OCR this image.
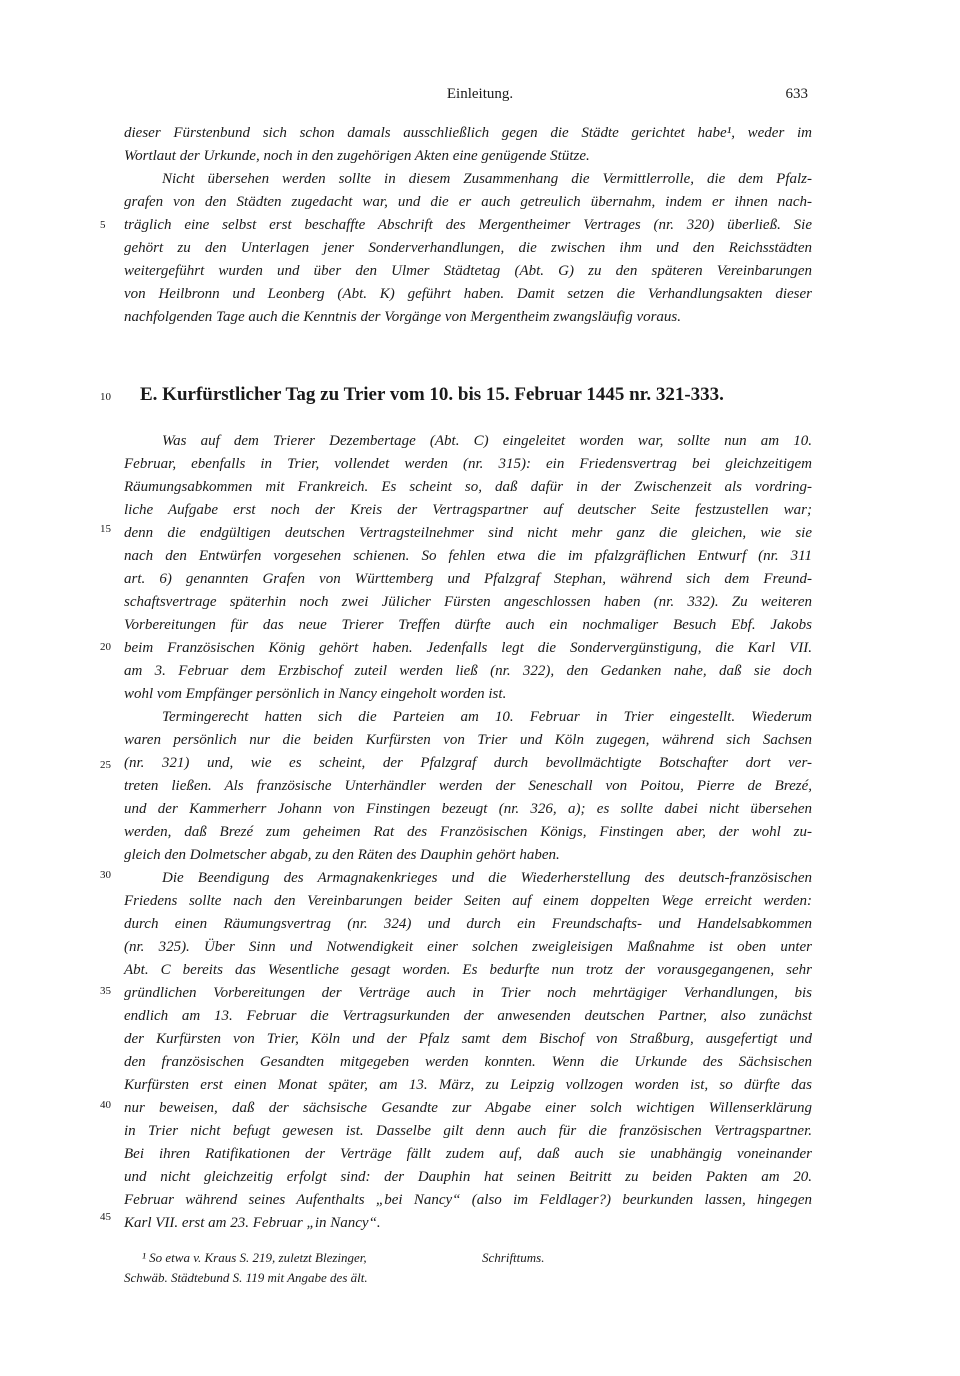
Einleitung.	633
dieser Fürstenbund sich schon damals ausschließlich gegen die Städte gerichtet habe¹, weder im
Wortlaut der Urkunde, noch in den zugehörigen Akten eine genügende Stütze.
Nicht übersehen werden sollte in diesem Zusammenhang die Vermittlerrolle, die dem Pfalz-
grafen von den Städten zugedacht war, und die er auch getreulich übernahm, indem er ihnen nach-
träglich eine selbst erst beschaffte Abschrift des Mergentheimer Vertrages (nr. 320) überließ. Sie
gehört zu den Unterlagen jener Sonderverhandlungen, die zwischen ihm und den Reichsstädten
weitergeführt wurden und über den Ulmer Städtetag (Abt. G) zu den späteren Vereinbarungen
von Heilbronn und Leonberg (Abt. K) geführt haben. Damit setzen die Verhandlungsakten dieser
nachfolgenden Tage auch die Kenntnis der Vorgänge von Mergentheim zwangsläufig voraus.
5
10
15
20
25
30
35
40
45
E. Kurfürstlicher Tag zu Trier vom 10. bis 15. Februar 1445 nr. 321-333.
Was auf dem Trierer Dezembertage (Abt. C) eingeleitet worden war, sollte nun am 10.
Februar, ebenfalls in Trier, vollendet werden (nr. 315): ein Friedensvertrag bei gleichzeitigem
Räumungsabkommen mit Frankreich. Es scheint so, daß dafür in der Zwischenzeit als vordring-
liche Aufgabe erst noch der Kreis der Vertragspartner auf deutscher Seite festzustellen war;
denn die endgültigen deutschen Vertragsteilnehmer sind nicht mehr ganz die gleichen, wie sie
nach den Entwürfen vorgesehen schienen. So fehlen etwa die im pfalzgräflichen Entwurf (nr. 311
art. 6) genannten Grafen von Württemberg und Pfalzgraf Stephan, während sich dem Freund-
schaftsvertrage späterhin noch zwei Jülicher Fürsten angeschlossen haben (nr. 332). Zu weiteren
Vorbereitungen für das neue Trierer Treffen dürfte auch ein nochmaliger Besuch Ebf. Jakobs
beim Französischen König gehört haben. Jedenfalls legt die Sondervergünstigung, die Karl VII.
am 3. Februar dem Erzbischof zuteil werden ließ (nr. 322), den Gedanken nahe, daß sie doch
wohl vom Empfänger persönlich in Nancy eingeholt worden ist.
Termingerecht hatten sich die Parteien am 10. Februar in Trier eingestellt. Wiederum
waren persönlich nur die beiden Kurfürsten von Trier und Köln zugegen, während sich Sachsen
(nr. 321) und, wie es scheint, der Pfalzgraf durch bevollmächtigte Botschafter dort ver-
treten ließen. Als französische Unterhändler werden der Seneschall von Poitou, Pierre de Brezé,
und der Kammerherr Johann von Finstingen bezeugt (nr. 326, a); es sollte dabei nicht übersehen
werden, daß Brezé zum geheimen Rat des Französischen Königs, Finstingen aber, der wohl zu-
gleich den Dolmetscher abgab, zu den Räten des Dauphin gehört haben.
Die Beendigung des Armagnakenkrieges und die Wiederherstellung des deutsch-französischen
Friedens sollte nach den Vereinbarungen beider Seiten auf einem doppelten Wege erreicht werden:
durch einen Räumungsvertrag (nr. 324) und durch ein Freundschafts- und Handelsabkommen
(nr. 325). Über Sinn und Notwendigkeit einer solchen zweigleisigen Maßnahme ist oben unter
Abt. C bereits das Wesentliche gesagt worden. Es bedurfte nun trotz der vorausgegangenen, sehr
gründlichen Vorbereitungen der Verträge auch in Trier noch mehrtägiger Verhandlungen, bis
endlich am 13. Februar die Vertragsurkunden der anwesenden deutschen Partner, also zunächst
der Kurfürsten von Trier, Köln und der Pfalz samt dem Bischof von Straßburg, ausgefertigt und
den französischen Gesandten mitgegeben werden konnten. Wenn die Urkunde des Sächsischen
Kurfürsten erst einen Monat später, am 13. März, zu Leipzig vollzogen worden ist, so dürfte das
nur beweisen, daß der sächsische Gesandte zur Abgabe einer solch wichtigen Willenserklärung
in Trier nicht befugt gewesen ist. Dasselbe gilt denn auch für die französischen Vertragspartner.
Bei ihren Ratifikationen der Verträge fällt zudem auf, daß auch sie unabhängig voneinander
und nicht gleichzeitig erfolgt sind: der Dauphin hat seinen Beitritt zu beiden Pakten am 20.
Februar während seines Aufenthalts „bei Nancy“ (also im Feldlager?) beurkunden lassen, hingegen
Karl VII. erst am 23. Februar „in Nancy“.
¹ So etwa v. Kraus S. 219, zuletzt Blezinger,	Schrifttums.
Schwäb. Städtebund S. 119 mit Angabe des ält.
